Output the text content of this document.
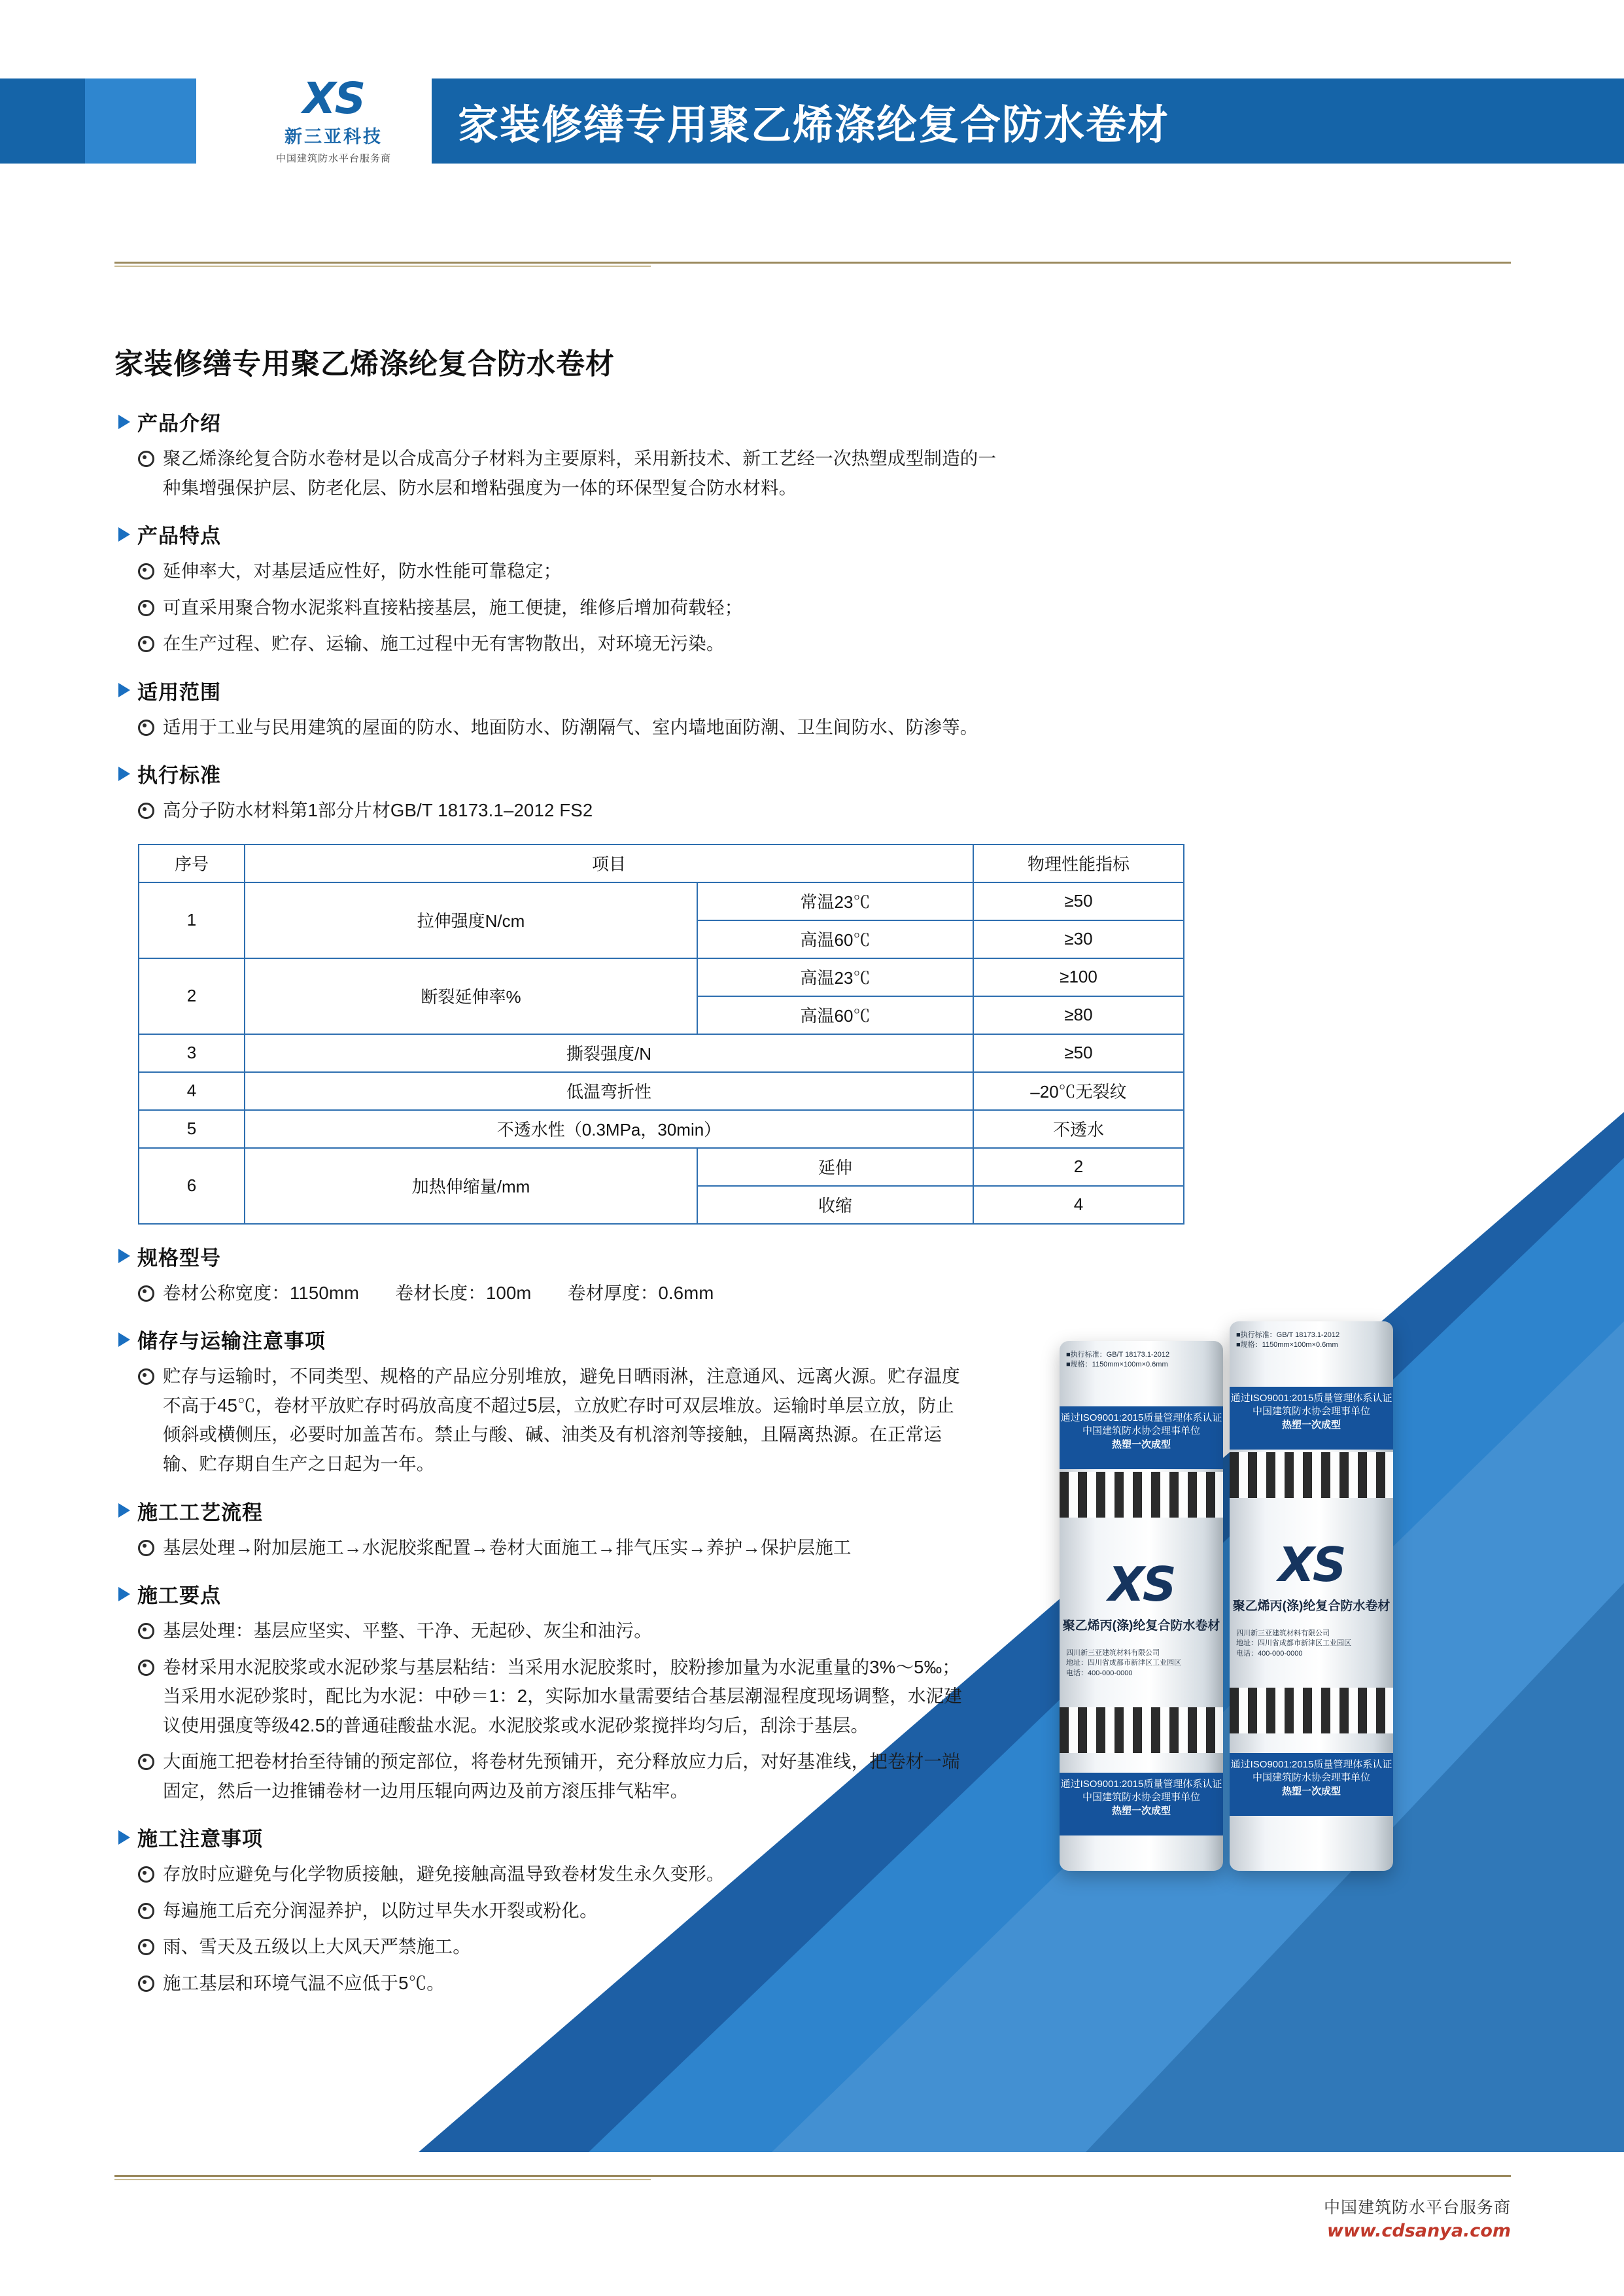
XS
新三亚科技
中国建筑防水平台服务商
家装修缮专用聚乙烯涤纶复合防水卷材
■执行标准：GB/T 18173.1-2012
■规格：1150mm×100m×0.6mm
通过ISO9001:2015质量管理体系认证
中国建筑防水协会理事单位
热塑一次成型
XS
聚乙烯丙(涤)纶复合防水卷材
四川新三亚建筑材料有限公司
地址：四川省成都市新津区工业园区
电话：400-000-0000
通过ISO9001:2015质量管理体系认证
中国建筑防水协会理事单位
热塑一次成型
■执行标准：GB/T 18173.1-2012
■规格：1150mm×100m×0.6mm
通过ISO9001:2015质量管理体系认证
中国建筑防水协会理事单位
热塑一次成型
XS
聚乙烯丙(涤)纶复合防水卷材
四川新三亚建筑材料有限公司
地址：四川省成都市新津区工业园区
电话：400-000-0000
通过ISO9001:2015质量管理体系认证
中国建筑防水协会理事单位
热塑一次成型
家装修缮专用聚乙烯涤纶复合防水卷材
产品介绍
聚乙烯涤纶复合防水卷材是以合成高分子材料为主要原料，采用新技术、新工艺经一次热塑成型制造的一种集增强保护层、防老化层、防水层和增粘强度为一体的环保型复合防水材料。
产品特点
延伸率大，对基层适应性好，防水性能可靠稳定；
可直采用聚合物水泥浆料直接粘接基层，施工便捷，维修后增加荷载轻；
在生产过程、贮存、运输、施工过程中无有害物散出，对环境无污染。
适用范围
适用于工业与民用建筑的屋面的防水、地面防水、防潮隔气、室内墙地面防潮、卫生间防水、防渗等。
执行标准
高分子防水材料第1部分片材GB/T 18173.1–2012 FS2
序号	项目		物理性能指标
1	拉伸强度N/cm	常温23℃	≥50
		高温60℃	≥30
2	断裂延伸率%	高温23℃	≥100
		高温60℃	≥80
3	撕裂强度/N		≥50
4	低温弯折性		–20℃无裂纹
5	不透水性（0.3MPa，30min）		不透水
6	加热伸缩量/mm	延伸	2
		收缩	4
规格型号
卷材公称宽度：1150mm　　卷材长度：100m　　卷材厚度：0.6mm
储存与运输注意事项
贮存与运输时，不同类型、规格的产品应分别堆放，避免日晒雨淋，注意通风、远离火源。贮存温度不高于45℃，卷材平放贮存时码放高度不超过5层，立放贮存时可双层堆放。运输时单层立放，防止倾斜或横侧压，必要时加盖苫布。禁止与酸、碱、油类及有机溶剂等接触，且隔离热源。在正常运输、贮存期自生产之日起为一年。
施工工艺流程
基层处理→附加层施工→水泥胶浆配置→卷材大面施工→排气压实→养护→保护层施工
施工要点
基层处理：基层应坚实、平整、干净、无起砂、灰尘和油污。
卷材采用水泥胶浆或水泥砂浆与基层粘结：当采用水泥胶浆时，胶粉掺加量为水泥重量的3%～5‰；当采用水泥砂浆时，配比为水泥：中砂＝1：2，实际加水量需要结合基层潮湿程度现场调整，水泥建议使用强度等级42.5的普通硅酸盐水泥。水泥胶浆或水泥砂浆搅拌均匀后，刮涂于基层。
大面施工把卷材抬至待铺的预定部位，将卷材先预铺开，充分释放应力后，对好基准线，把卷材一端固定，然后一边推铺卷材一边用压辊向两边及前方滚压排气粘牢。
施工注意事项
存放时应避免与化学物质接触，避免接触高温导致卷材发生永久变形。
每遍施工后充分润湿养护，以防过早失水开裂或粉化。
雨、雪天及五级以上大风天严禁施工。
施工基层和环境气温不应低于5℃。
中国建筑防水平台服务商
www.cdsanya.com
